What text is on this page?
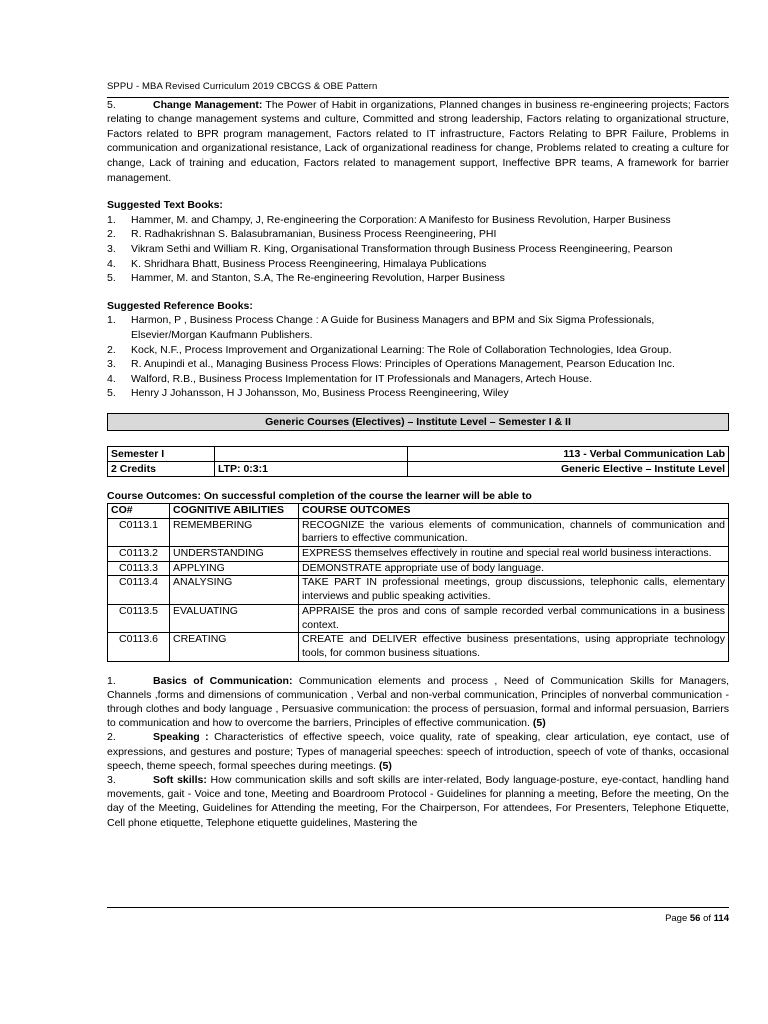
SPPU - MBA Revised Curriculum 2019 CBCGS & OBE Pattern

5.	Change Management: The Power of Habit in organizations, Planned changes in business re-engineering projects; Factors relating to change management systems and culture, Committed and strong leadership, Factors relating to organizational structure, Factors related to BPR program management, Factors related to IT infrastructure, Factors Relating to BPR Failure, Problems in communication and organizational resistance, Lack of organizational readiness for change, Problems related to creating a culture for change, Lack of training and education, Factors related to management support, Ineffective BPR teams, A framework for barrier management.

Suggested Text Books:
1. Hammer, M. and Champy, J, Re-engineering the Corporation: A Manifesto for Business Revolution, Harper Business
2. R. Radhakrishnan S. Balasubramanian, Business Process Reengineering, PHI
3. Vikram Sethi and William R. King, Organisational Transformation through Business Process Reengineering, Pearson
4. K. Shridhara Bhatt, Business Process Reengineering, Himalaya Publications
5. Hammer, M. and Stanton, S.A, The Re-engineering Revolution, Harper Business
Suggested Reference Books:
1. Harmon, P , Business Process Change : A Guide for Business Managers and BPM and Six Sigma Professionals, Elsevier/Morgan Kaufmann Publishers.
2. Kock, N.F., Process Improvement and Organizational Learning: The Role of Collaboration Technologies, Idea Group.
3. R. Anupindi et al., Managing Business Process Flows: Principles of Operations Management, Pearson Education Inc.
4. Walford, R.B., Business Process Implementation for IT Professionals and Managers, Artech House.
5. Henry J Johansson, H J Johansson, Mo, Business Process Reengineering, Wiley
Generic Courses (Electives) – Institute Level – Semester I & II
Semester I		113 - Verbal Communication Lab
2 Credits	LTP: 0:3:1	Generic Elective – Institute Level
Course Outcomes: On successful completion of the course the learner will be able to
CO#	COGNITIVE ABILITIES	COURSE OUTCOMES
C0113.1	REMEMBERING	RECOGNIZE the various elements of communication, channels of communication and barriers to effective communication.
C0113.2	UNDERSTANDING	EXPRESS themselves effectively in routine and special real world business interactions.
C0113.3	APPLYING	DEMONSTRATE appropriate use of body language.
C0113.4	ANALYSING	TAKE PART IN professional meetings, group discussions, telephonic calls, elementary interviews and public speaking activities.
C0113.5	EVALUATING	APPRAISE the pros and cons of sample recorded verbal communications in a business context.
C0113.6	CREATING	CREATE and DELIVER effective business presentations, using appropriate technology tools, for common business situations.

1.	Basics of Communication: Communication elements and process , Need of Communication Skills for Managers, Channels ,forms and dimensions of communication , Verbal and non-verbal communication, Principles of nonverbal communication - through clothes and body language , Persuasive communication: the process of persuasion, formal and informal persuasion, Barriers to communication and how to overcome the barriers, Principles of effective communication. (5)

2.	Speaking : Characteristics of effective speech, voice quality, rate of speaking, clear articulation, eye contact, use of expressions, and gestures and posture; Types of managerial speeches: speech of introduction, speech of vote of thanks, occasional speech, theme speech, formal speeches during meetings. (5)

3.	Soft skills: How communication skills and soft skills are inter-related, Body language-posture, eye-contact, handling hand movements, gait - Voice and tone, Meeting and Boardroom Protocol - Guidelines for planning a meeting, Before the meeting, On the day of the Meeting, Guidelines for Attending the meeting, For the Chairperson, For attendees, For Presenters, Telephone Etiquette, Cell phone etiquette, Telephone etiquette guidelines, Mastering the

Page 56 of 114
